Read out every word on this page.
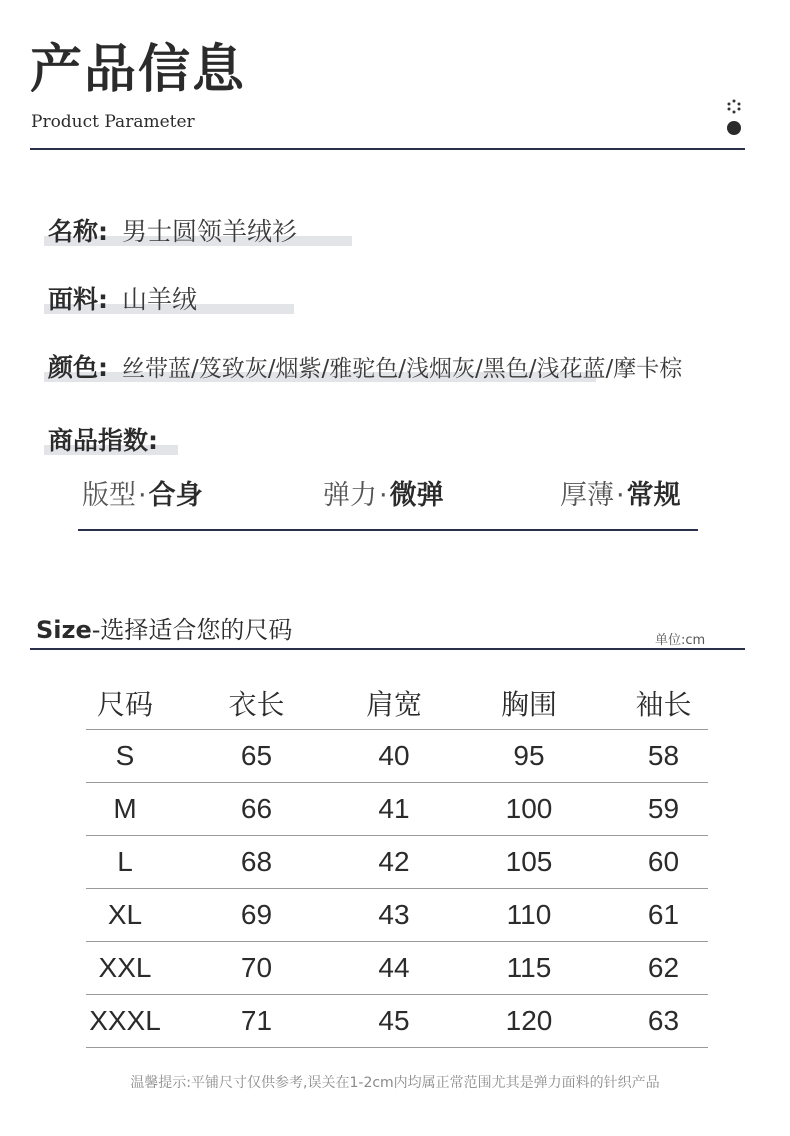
产品信息
Product Parameter
名称: 男士圆领羊绒衫
面料: 山羊绒
颜色: 丝带蓝/笈致灰/烟紫/雅驼色/浅烟灰/黑色/浅花蓝/摩卡棕
商品指数:
版型·合身	弹力·微弹	厚薄·常规
Size-选择适合您的尺码	单位:cm
尺码	衣长	肩宽	胸围	袖长
S	65	40	95	58
M	66	41	100	59
L	68	42	105	60
XL	69	43	110	61
XXL	70	44	115	62
XXXL	71	45	120	63
温馨提示:平铺尺寸仅供参考,误关在1-2cm内均属正常范围尤其是弹力面料的针织产品
